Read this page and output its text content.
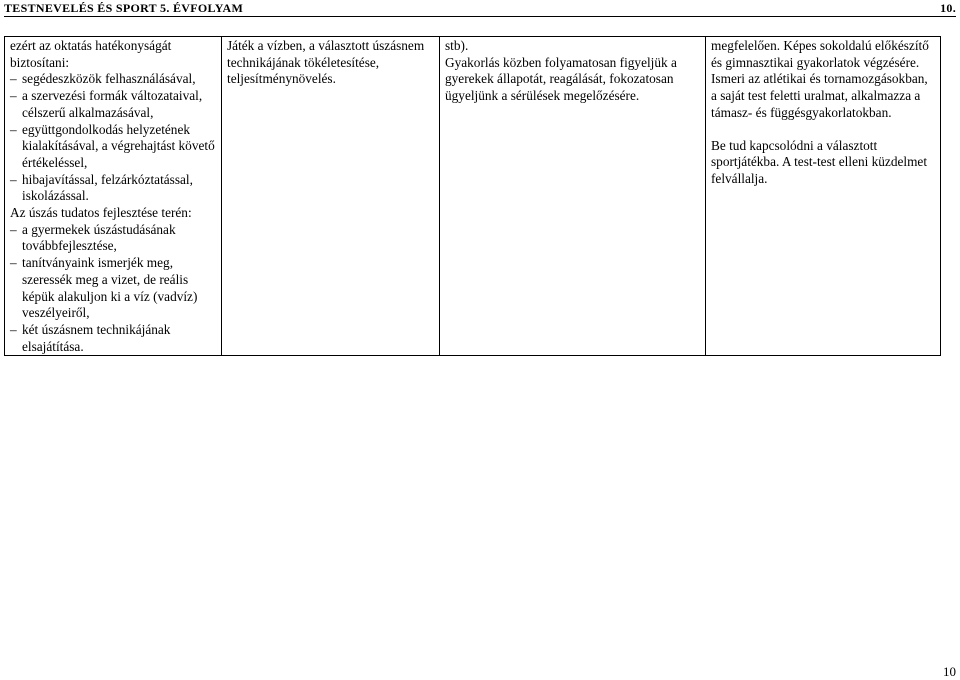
TESTNEVELÉS ÉS SPORT 5. ÉVFOLYAM	10.
ezért az oktatás hatékonyságát biztosítani:
– segédeszközök felhasználásával,
– a szervezési formák változataival, célszerű alkalmazásával,
– együttgondolkodás helyzetének kialakításával, a végrehajtást követő értékeléssel,
– hibajavítással, felzárkóztatással, iskolázással.
Az úszás tudatos fejlesztése terén:
– a gyermekek úszástudásának továbbfejlesztése,
– tanítványaink ismerjék meg, szeressék meg a vizet, de reális képük alakuljon ki a víz (vadvíz) veszélyeiről,
– két úszásnem technikájának elsajátítása.

Játék a vízben, a választott úszásnem technikájának tökéletesítése, teljesítménynövelés.

stb).
Gyakorlás közben folyamatosan figyeljük a gyerekek állapotát, reagálását, fokozatosan ügyeljünk a sérülések megelőzésére.

megfelelően. Képes sokoldalú előkészítő és gimnasztikai gyakorlatok végzésére.
Ismeri az atlétikai és tornamozgásokban, a saját test feletti uralmat, alkalmazza a támasz- és függésgyakorlatokban.
Be tud kapcsolódni a választott sportjátékba. A test-test elleni küzdelmet felvállalja.
10
